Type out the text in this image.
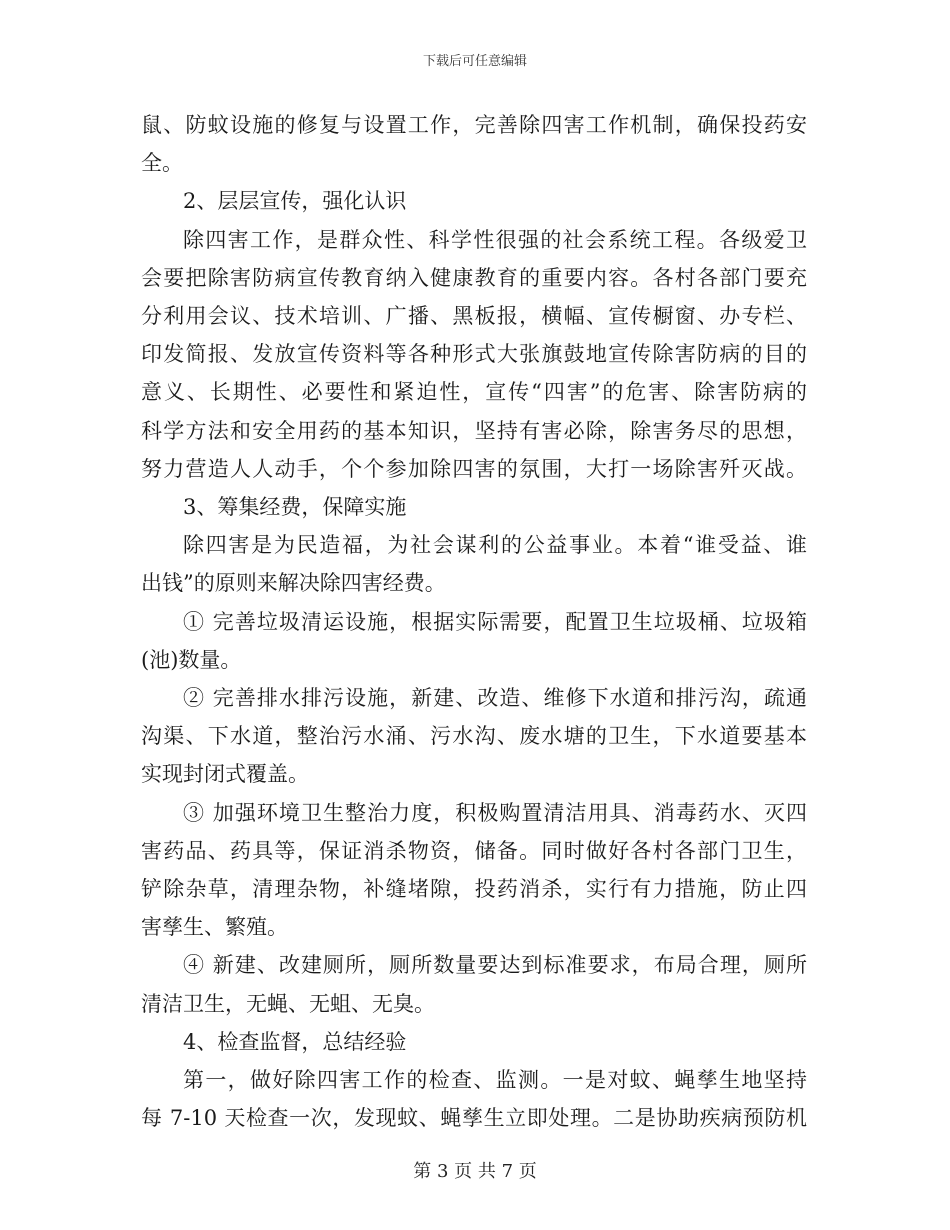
下载后可任意编辑
鼠、防蚊设施的修复与设置工作，完善除四害工作机制，确保投药安
全。
2、层层宣传，强化认识
除四害工作，是群众性、科学性很强的社会系统工程。各级爱卫
会要把除害防病宣传教育纳入健康教育的重要内容。各村各部门要充
分利用会议、技术培训、广播、黑板报，横幅、宣传橱窗、办专栏、
印发简报、发放宣传资料等各种形式大张旗鼓地宣传除害防病的目的
意义、长期性、必要性和紧迫性，宣传“四害”的危害、除害防病的
科学方法和安全用药的基本知识，坚持有害必除，除害务尽的思想，
努力营造人人动手，个个参加除四害的氛围，大打一场除害歼灭战。
3、筹集经费，保障实施
除四害是为民造福，为社会谋利的公益事业。本着“谁受益、谁
出钱”的原则来解决除四害经费。
① 完善垃圾清运设施，根据实际需要，配置卫生垃圾桶、垃圾箱
(池)数量。
② 完善排水排污设施，新建、改造、维修下水道和排污沟，疏通
沟渠、下水道，整治污水涌、污水沟、废水塘的卫生，下水道要基本
实现封闭式覆盖。
③ 加强环境卫生整治力度，积极购置清洁用具、消毒药水、灭四
害药品、药具等，保证消杀物资，储备。同时做好各村各部门卫生，
铲除杂草，清理杂物，补缝堵隙，投药消杀，实行有力措施，防止四
害孳生、繁殖。
④ 新建、改建厕所，厕所数量要达到标准要求，布局合理，厕所
清洁卫生，无蝇、无蛆、无臭。
4、检查监督，总结经验
第一，做好除四害工作的检查、监测。一是对蚊、蝇孳生地坚持
每 7-10 天检查一次，发现蚊、蝇孳生立即处理。二是协助疾病预防机
第 3 页 共 7 页
